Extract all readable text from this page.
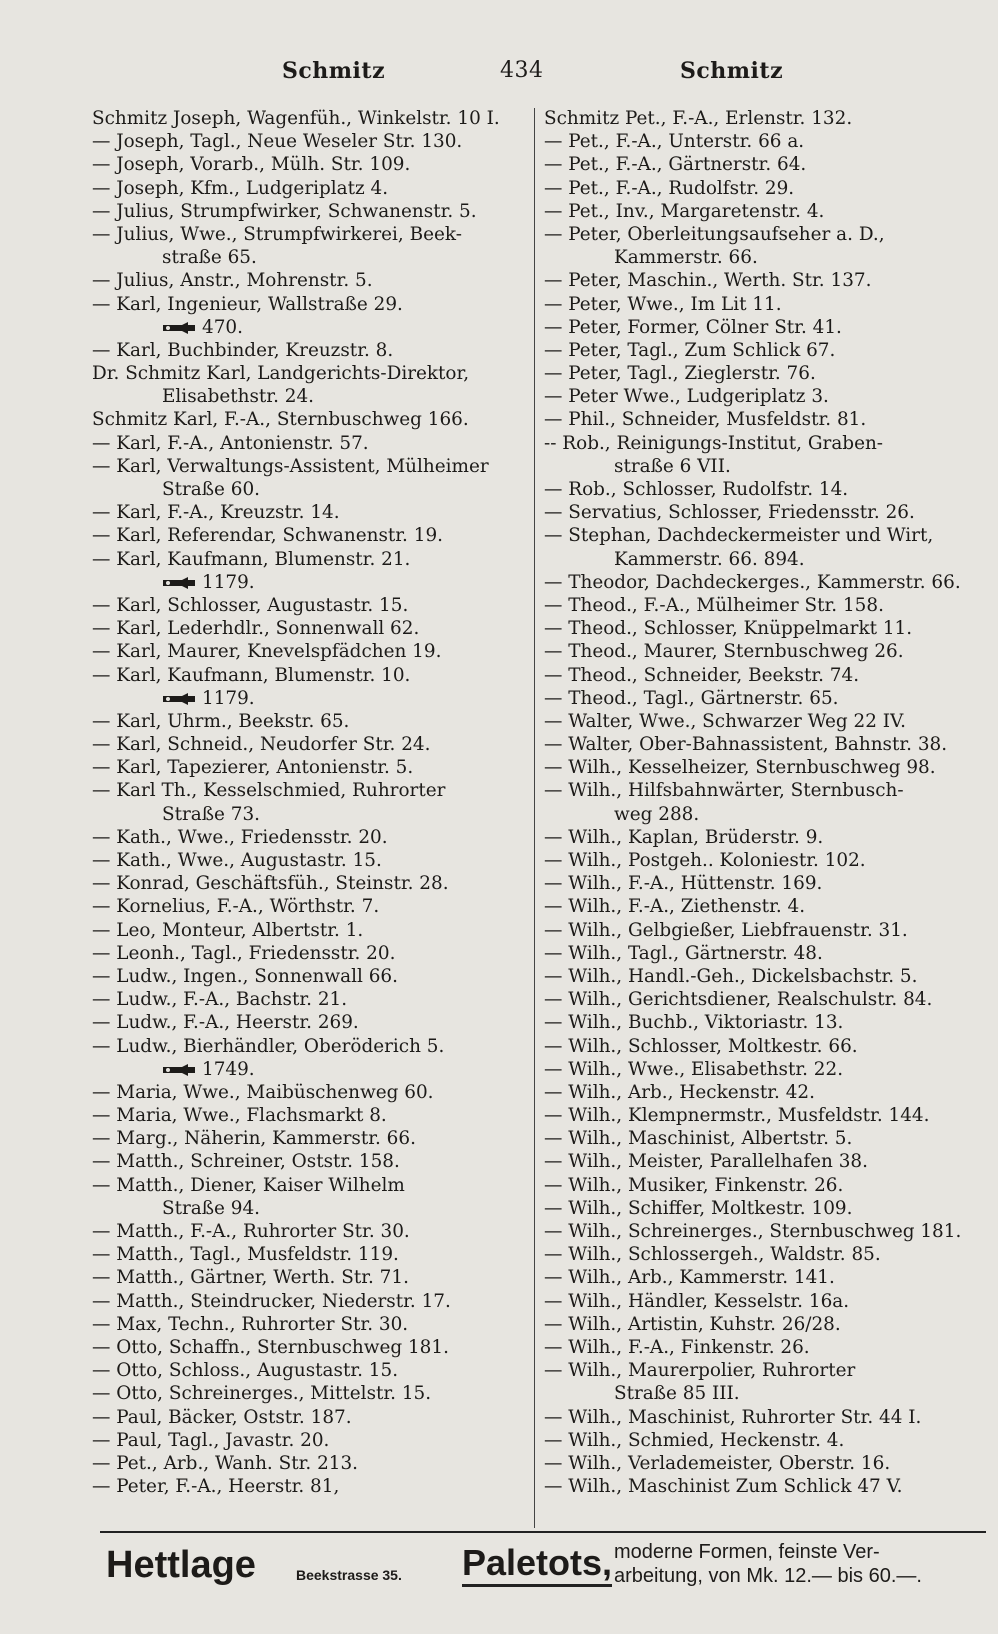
Schmitz	434	Schmitz
Schmitz Joseph, Wagenfüh., Winkelstr. 10 I.
— Joseph, Tagl., Neue Weseler Str. 130.
— Joseph, Vorarb., Mülh. Str. 109.
— Joseph, Kfm., Ludgeriplatz 4.
— Julius, Strumpfwirker, Schwanenstr. 5.
— Julius, Wwe., Strumpfwirkerei, Beek-
straße 65.
— Julius, Anstr., Mohrenstr. 5.
— Karl, Ingenieur, Wallstraße 29.
470.
— Karl, Buchbinder, Kreuzstr. 8.
Dr. Schmitz Karl, Landgerichts-Direktor,
Elisabethstr. 24.
Schmitz Karl, F.-A., Sternbuschweg 166.
— Karl, F.-A., Antonienstr. 57.
— Karl, Verwaltungs-Assistent, Mülheimer
Straße 60.
— Karl, F.-A., Kreuzstr. 14.
— Karl, Referendar, Schwanenstr. 19.
— Karl, Kaufmann, Blumenstr. 21.
1179.
— Karl, Schlosser, Augustastr. 15.
— Karl, Lederhdlr., Sonnenwall 62.
— Karl, Maurer, Knevelspfädchen 19.
— Karl, Kaufmann, Blumenstr. 10.
1179.
— Karl, Uhrm., Beekstr. 65.
— Karl, Schneid., Neudorfer Str. 24.
— Karl, Tapezierer, Antonienstr. 5.
— Karl Th., Kesselschmied, Ruhrorter
Straße 73.
— Kath., Wwe., Friedensstr. 20.
— Kath., Wwe., Augustastr. 15.
— Konrad, Geschäftsfüh., Steinstr. 28.
— Kornelius, F.-A., Wörthstr. 7.
— Leo, Monteur, Albertstr. 1.
— Leonh., Tagl., Friedensstr. 20.
— Ludw., Ingen., Sonnenwall 66.
— Ludw., F.-A., Bachstr. 21.
— Ludw., F.-A., Heerstr. 269.
— Ludw., Bierhändler, Oberöderich 5.
1749.
— Maria, Wwe., Maibüschenweg 60.
— Maria, Wwe., Flachsmarkt 8.
— Marg., Näherin, Kammerstr. 66.
— Matth., Schreiner, Oststr. 158.
— Matth., Diener, Kaiser Wilhelm
Straße 94.
— Matth., F.-A., Ruhrorter Str. 30.
— Matth., Tagl., Musfeldstr. 119.
— Matth., Gärtner, Werth. Str. 71.
— Matth., Steindrucker, Niederstr. 17.
— Max, Techn., Ruhrorter Str. 30.
— Otto, Schaffn., Sternbuschweg 181.
— Otto, Schloss., Augustastr. 15.
— Otto, Schreinerges., Mittelstr. 15.
— Paul, Bäcker, Oststr. 187.
— Paul, Tagl., Javastr. 20.
— Pet., Arb., Wanh. Str. 213.
— Peter, F.-A., Heerstr. 81,
Schmitz Pet., F.-A., Erlenstr. 132.
— Pet., F.-A., Unterstr. 66 a.
— Pet., F.-A., Gärtnerstr. 64.
— Pet., F.-A., Rudolfstr. 29.
— Pet., Inv., Margaretenstr. 4.
— Peter, Oberleitungsaufseher a. D.,
Kammerstr. 66.
— Peter, Maschin., Werth. Str. 137.
— Peter, Wwe., Im Lit 11.
— Peter, Former, Cölner Str. 41.
— Peter, Tagl., Zum Schlick 67.
— Peter, Tagl., Zieglerstr. 76.
— Peter Wwe., Ludgeriplatz 3.
— Phil., Schneider, Musfeldstr. 81.
-- Rob., Reinigungs-Institut, Graben-
straße 6 VII.
— Rob., Schlosser, Rudolfstr. 14.
— Servatius, Schlosser, Friedensstr. 26.
— Stephan, Dachdeckermeister und Wirt,
Kammerstr. 66. 894.
— Theodor, Dachdeckerges., Kammerstr. 66.
— Theod., F.-A., Mülheimer Str. 158.
— Theod., Schlosser, Knüppelmarkt 11.
— Theod., Maurer, Sternbuschweg 26.
— Theod., Schneider, Beekstr. 74.
— Theod., Tagl., Gärtnerstr. 65.
— Walter, Wwe., Schwarzer Weg 22 IV.
— Walter, Ober-Bahnassistent, Bahnstr. 38.
— Wilh., Kesselheizer, Sternbuschweg 98.
— Wilh., Hilfsbahnwärter, Sternbusch-
weg 288.
— Wilh., Kaplan, Brüderstr. 9.
— Wilh., Postgeh.. Koloniestr. 102.
— Wilh., F.-A., Hüttenstr. 169.
— Wilh., F.-A., Ziethenstr. 4.
— Wilh., Gelbgießer, Liebfrauenstr. 31.
— Wilh., Tagl., Gärtnerstr. 48.
— Wilh., Handl.-Geh., Dickelsbachstr. 5.
— Wilh., Gerichtsdiener, Realschulstr. 84.
— Wilh., Buchb., Viktoriastr. 13.
— Wilh., Schlosser, Moltkestr. 66.
— Wilh., Wwe., Elisabethstr. 22.
— Wilh., Arb., Heckenstr. 42.
— Wilh., Klempnermstr., Musfeldstr. 144.
— Wilh., Maschinist, Albertstr. 5.
— Wilh., Meister, Parallelhafen 38.
— Wilh., Musiker, Finkenstr. 26.
— Wilh., Schiffer, Moltkestr. 109.
— Wilh., Schreinerges., Sternbuschweg 181.
— Wilh., Schlossergeh., Waldstr. 85.
— Wilh., Arb., Kammerstr. 141.
— Wilh., Händler, Kesselstr. 16a.
— Wilh., Artistin, Kuhstr. 26/28.
— Wilh., F.-A., Finkenstr. 26.
— Wilh., Maurerpolier, Ruhrorter
Straße 85 III.
— Wilh., Maschinist, Ruhrorter Str. 44 I.
— Wilh., Schmied, Heckenstr. 4.
— Wilh., Verlademeister, Oberstr. 16.
— Wilh., Maschinist Zum Schlick 47 V.
Hettlage	Beekstrasse 35. Paletots, moderne Formen, feinste Ver-
arbeitung, von Mk. 12.— bis 60.—.
